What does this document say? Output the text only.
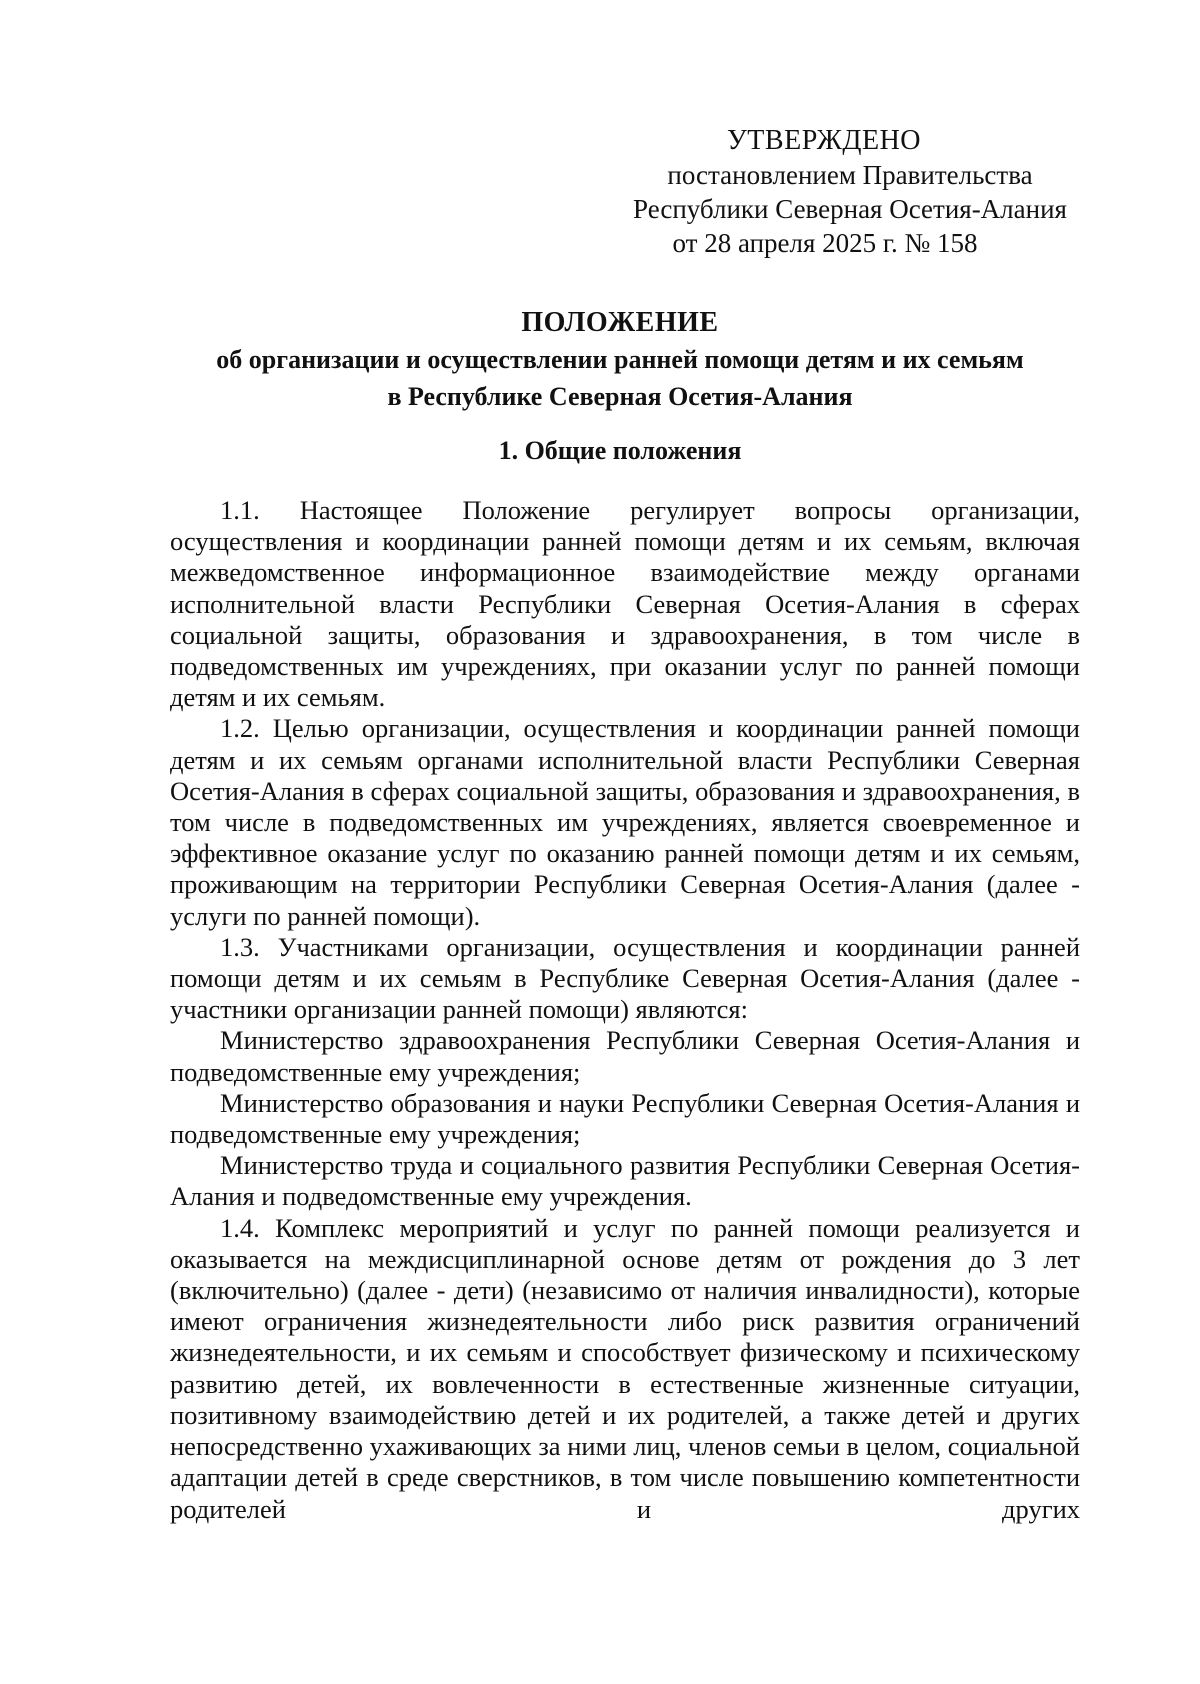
УТВЕРЖДЕНО
постановлением Правительства
Республики Северная Осетия-Алания
от 28 апреля 2025 г. № 158
ПОЛОЖЕНИЕ
об организации и осуществлении ранней помощи детям и их семьям
в Республике Северная Осетия-Алания
1. Общие положения

1.1. Настоящее Положение регулирует вопросы организации, осуществления и координации ранней помощи детям и их семьям, включая межведомственное информационное взаимодействие между органами исполнительной власти Республики Северная Осетия-Алания в сферах социальной защиты, образования и здравоохранения, в том числе в подведомственных им учреждениях, при оказании услуг по ранней помощи детям и их семьям.

1.2. Целью организации, осуществления и координации ранней помощи детям и их семьям органами исполнительной власти Республики Северная Осетия-Алания в сферах социальной защиты, образования и здравоохранения, в том числе в подведомственных им учреждениях, является своевременное и эффективное оказание услуг по оказанию ранней помощи детям и их семьям, проживающим на территории Республики Северная Осетия-Алания (далее - услуги по ранней помощи).

1.3. Участниками организации, осуществления и координации ранней помощи детям и их семьям в Республике Северная Осетия-Алания (далее - участники организации ранней помощи) являются:

Министерство здравоохранения Республики Северная Осетия-Алания и подведомственные ему учреждения;

Министерство образования и науки Республики Северная Осетия-Алания и подведомственные ему учреждения;

Министерство труда и социального развития Республики Северная Осетия-Алания и подведомственные ему учреждения.

1.4. Комплекс мероприятий и услуг по ранней помощи реализуется и оказывается на междисциплинарной основе детям от рождения до 3 лет (включительно) (далее - дети) (независимо от наличия инвалидности), которые имеют ограничения жизнедеятельности либо риск развития ограничений жизнедеятельности, и их семьям и способствует физическому и психическому развитию детей, их вовлеченности в естественные жизненные ситуации, позитивному взаимодействию детей и их родителей, а также детей и других непосредственно ухаживающих за ними лиц, членов семьи в целом, социальной адаптации детей в среде сверстников, в том числе повышению компетентности родителей и других
